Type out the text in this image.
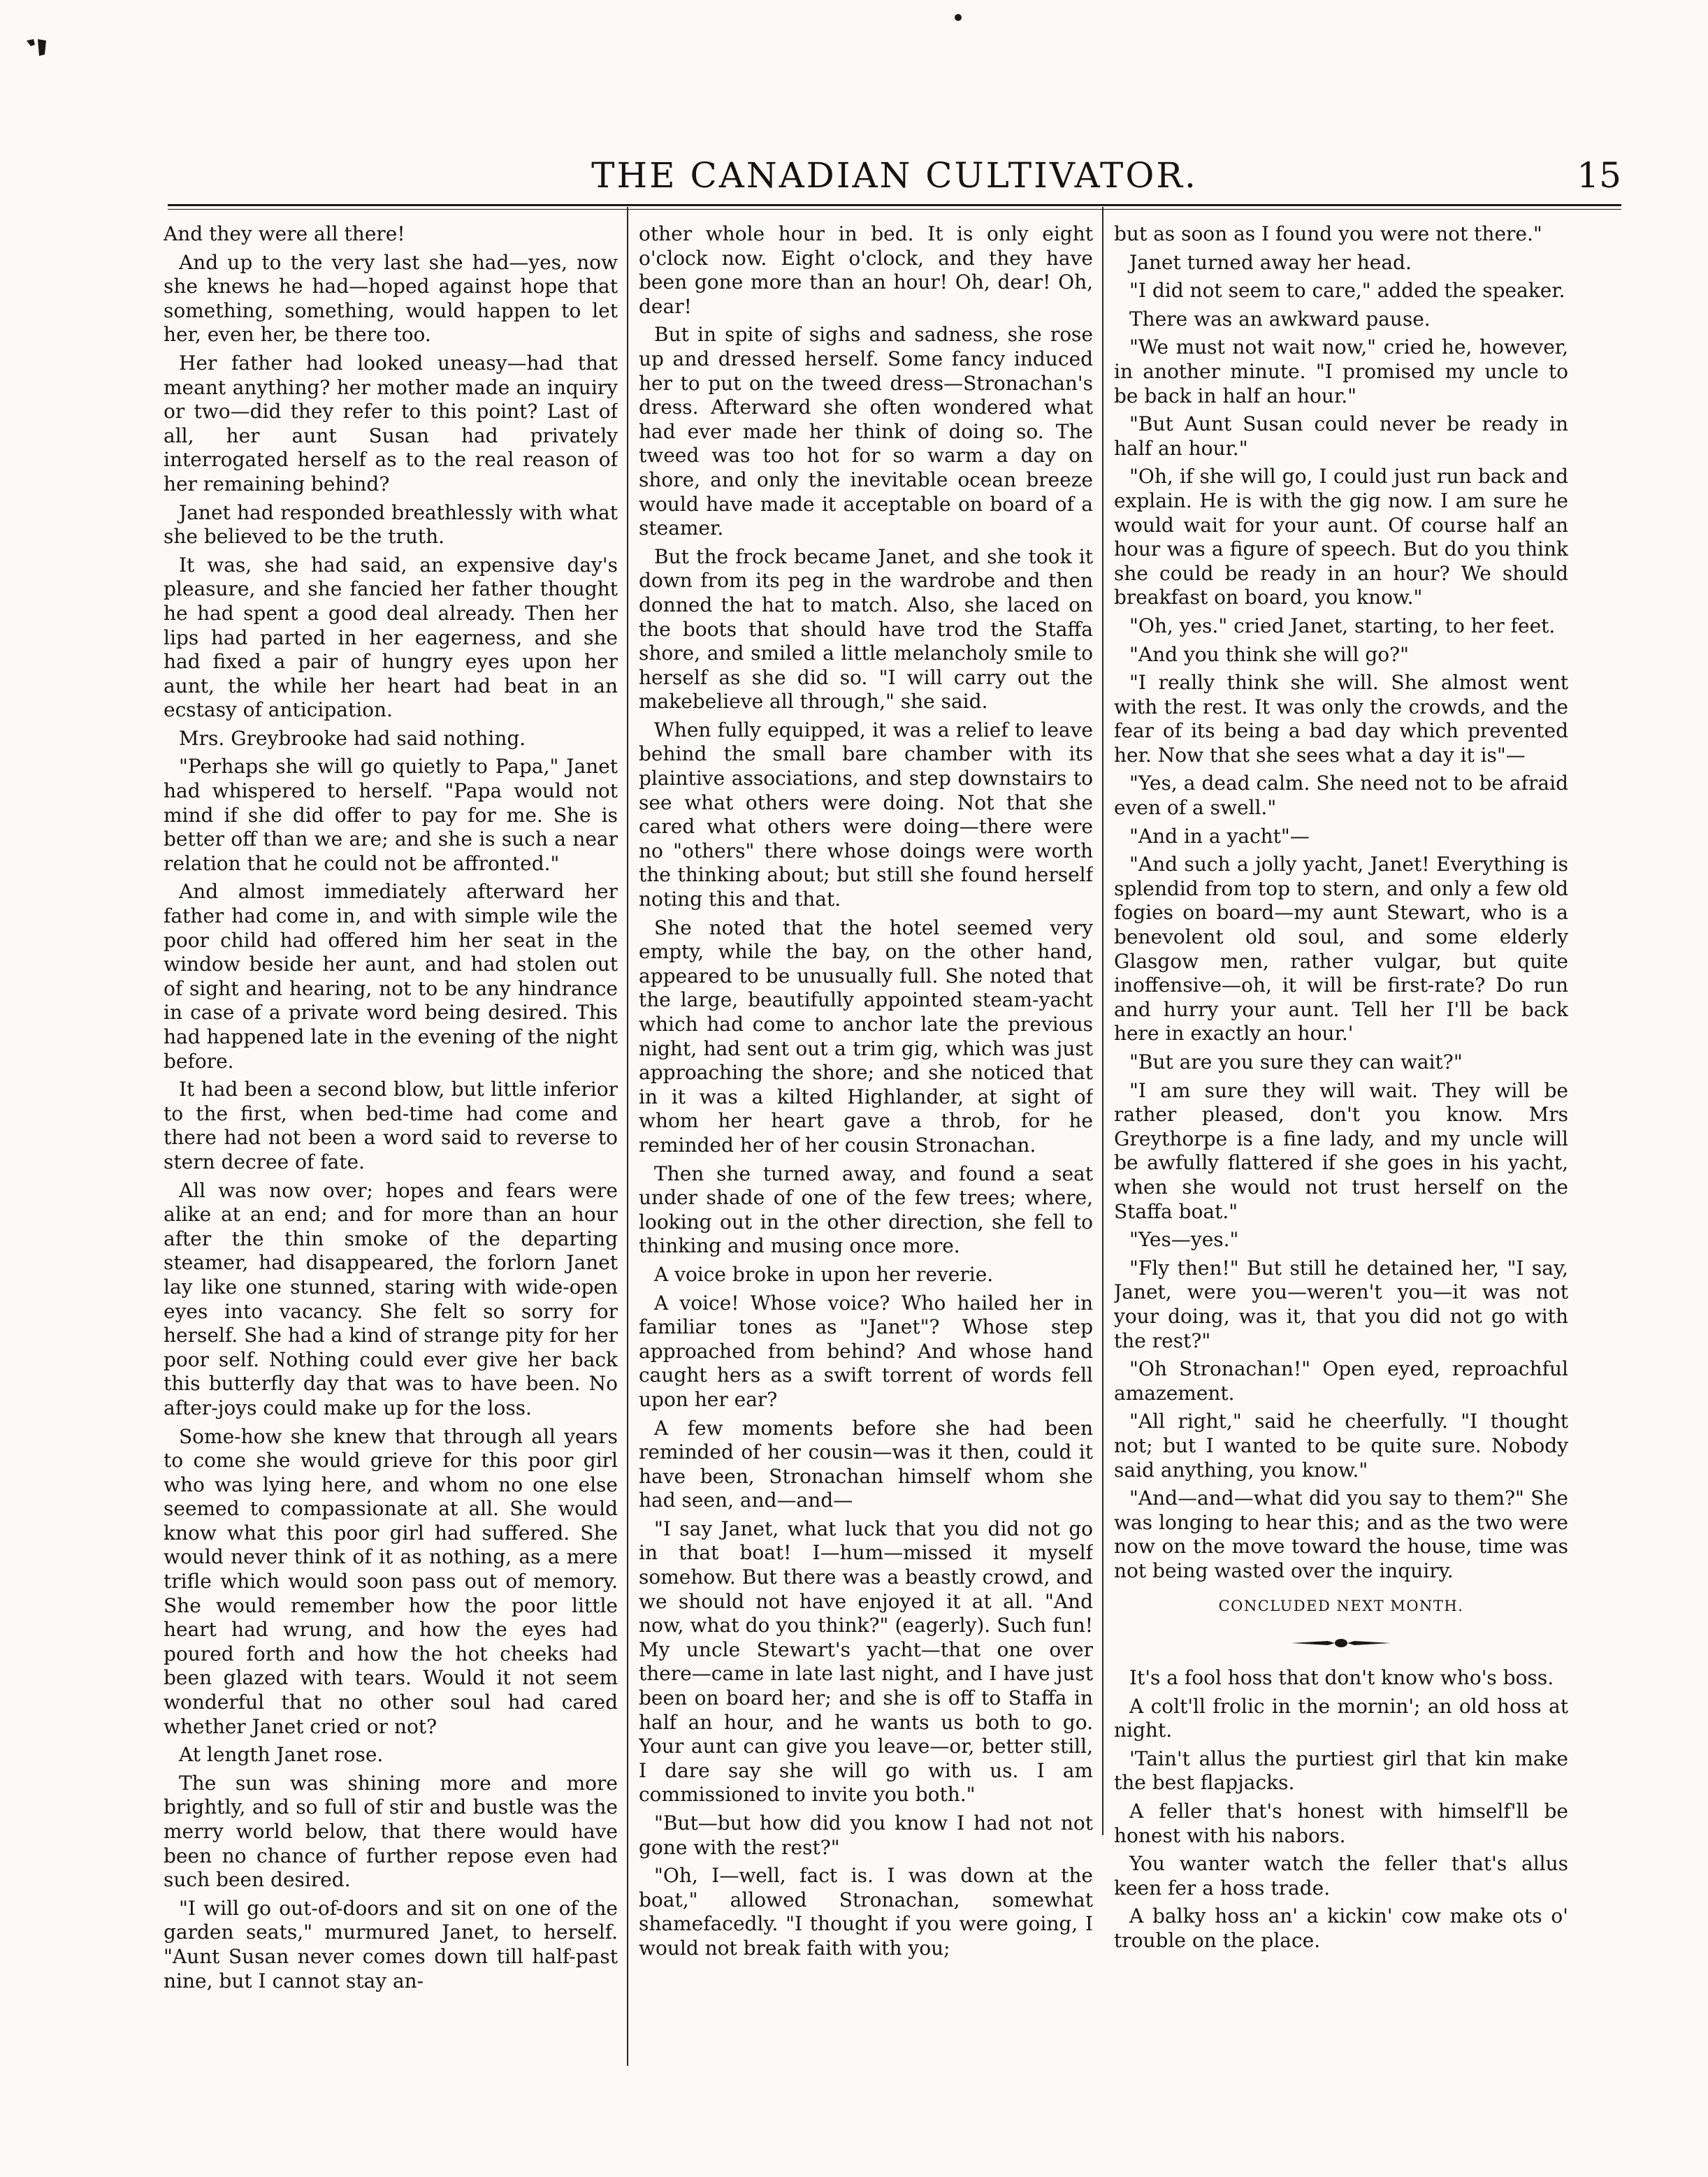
THE CANADIAN CULTIVATOR.	15

And they were all there!

And up to the very last she had—yes, now she knews he had—hoped against hope that something, something, would happen to let her, even her, be there too.

Her father had looked uneasy—had that meant anything? her mother made an inquiry or two—did they refer to this point? Last of all, her aunt Susan had privately interrogated herself as to the real reason of her remaining behind?

Janet had responded breathlessly with what she believed to be the truth.

It was, she had said, an expensive day's pleasure, and she fancied her father thought he had spent a good deal already. Then her lips had parted in her eagerness, and she had fixed a pair of hungry eyes upon her aunt, the while her heart had beat in an ecstasy of anticipation.

Mrs. Greybrooke had said nothing.

"Perhaps she will go quietly to Papa," Janet had whispered to herself. "Papa would not mind if she did offer to pay for me. She is better off than we are; and she is such a near relation that he could not be affronted."

And almost immediately afterward her father had come in, and with simple wile the poor child had offered him her seat in the window beside her aunt, and had stolen out of sight and hearing, not to be any hindrance in case of a private word being desired. This had happened late in the evening of the night before.

It had been a second blow, but little inferior to the first, when bed-time had come and there had not been a word said to reverse to stern decree of fate.

All was now over; hopes and fears were alike at an end; and for more than an hour after the thin smoke of the departing steamer, had disappeared, the forlorn Janet lay like one stunned, staring with wide-open eyes into vacancy. She felt so sorry for herself. She had a kind of strange pity for her poor self. Nothing could ever give her back this butterfly day that was to have been. No after-joys could make up for the loss.

Some-how she knew that through all years to come she would grieve for this poor girl who was lying here, and whom no one else seemed to compassionate at all. She would know what this poor girl had suffered. She would never think of it as nothing, as a mere trifle which would soon pass out of memory. She would remember how the poor little heart had wrung, and how the eyes had poured forth and how the hot cheeks had been glazed with tears. Would it not seem wonderful that no other soul had cared whether Janet cried or not?

At length Janet rose.

The sun was shining more and more brightly, and so full of stir and bustle was the merry world below, that there would have been no chance of further repose even had such been desired.

"I will go out-of-doors and sit on one of the garden seats," murmured Janet, to herself. "Aunt Susan never comes down till half-past nine, but I cannot stay an-

other whole hour in bed. It is only eight o'clock now. Eight o'clock, and they have been gone more than an hour! Oh, dear! Oh, dear!

But in spite of sighs and sadness, she rose up and dressed herself. Some fancy induced her to put on the tweed dress—Stronachan's dress. Afterward she often wondered what had ever made her think of doing so. The tweed was too hot for so warm a day on shore, and only the inevitable ocean breeze would have made it acceptable on board of a steamer.

But the frock became Janet, and she took it down from its peg in the wardrobe and then donned the hat to match. Also, she laced on the boots that should have trod the Staffa shore, and smiled a little melancholy smile to herself as she did so. "I will carry out the makebelieve all through," she said.

When fully equipped, it was a relief to leave behind the small bare chamber with its plaintive associations, and step downstairs to see what others were doing. Not that she cared what others were doing—there were no "others" there whose doings were worth the thinking about; but still she found herself noting this and that.

She noted that the hotel seemed very empty, while the bay, on the other hand, appeared to be unusually full. She noted that the large, beautifully appointed steam-yacht which had come to anchor late the previous night, had sent out a trim gig, which was just approaching the shore; and she noticed that in it was a kilted Highlander, at sight of whom her heart gave a throb, for he reminded her of her cousin Stronachan.

Then she turned away, and found a seat under shade of one of the few trees; where, looking out in the other direction, she fell to thinking and musing once more.

A voice broke in upon her reverie.

A voice! Whose voice? Who hailed her in familiar tones as "Janet"? Whose step approached from behind? And whose hand caught hers as a swift torrent of words fell upon her ear?

A few moments before she had been reminded of her cousin—was it then, could it have been, Stronachan himself whom she had seen, and—and—

"I say Janet, what luck that you did not go in that boat! I—hum—missed it myself somehow. But there was a beastly crowd, and we should not have enjoyed it at all. "And now, what do you think?" (eagerly). Such fun! My uncle Stewart's yacht—that one over there—came in late last night, and I have just been on board her; and she is off to Staffa in half an hour, and he wants us both to go. Your aunt can give you leave—or, better still, I dare say she will go with us. I am commissioned to invite you both."

"But—but how did you know I had not not gone with the rest?"

"Oh, I—well, fact is. I was down at the boat," allowed Stronachan, somewhat shamefacedly. "I thought if you were going, I would not break faith with you;

but as soon as I found you were not there."

Janet turned away her head.

"I did not seem to care," added the speaker.

There was an awkward pause.

"We must not wait now," cried he, however, in another minute. "I promised my uncle to be back in half an hour."

"But Aunt Susan could never be ready in half an hour."

"Oh, if she will go, I could just run back and explain. He is with the gig now. I am sure he would wait for your aunt. Of course half an hour was a figure of speech. But do you think she could be ready in an hour? We should breakfast on board, you know."

"Oh, yes." cried Janet, starting, to her feet.

"And you think she will go?"

"I really think she will. She almost went with the rest. It was only the crowds, and the fear of its being a bad day which prevented her. Now that she sees what a day it is"—

"Yes, a dead calm. She need not to be afraid even of a swell."

"And in a yacht"—

"And such a jolly yacht, Janet! Everything is splendid from top to stern, and only a few old fogies on board—my aunt Stewart, who is a benevolent old soul, and some elderly Glasgow men, rather vulgar, but quite inoffensive—oh, it will be first-rate? Do run and hurry your aunt. Tell her I'll be back here in exactly an hour.'

"But are you sure they can wait?"

"I am sure they will wait. They will be rather pleased, don't you know. Mrs Greythorpe is a fine lady, and my uncle will be awfully flattered if she goes in his yacht, when she would not trust herself on the Staffa boat."

"Yes—yes."

"Fly then!" But still he detained her, "I say, Janet, were you—weren't you—it was not your doing, was it, that you did not go with the rest?"

"Oh Stronachan!" Open eyed, reproachful amazement.

"All right," said he cheerfully. "I thought not; but I wanted to be quite sure. Nobody said anything, you know."

"And—and—what did you say to them?" She was longing to hear this; and as the two were now on the move toward the house, time was not being wasted over the inquiry.

CONCLUDED NEXT MONTH.

It's a fool hoss that don't know who's boss.

A colt'll frolic in the mornin'; an old hoss at night.

'Tain't allus the purtiest girl that kin make the best flapjacks.

A feller that's honest with himself'll be honest with his nabors.

You wanter watch the feller that's allus keen fer a hoss trade.

A balky hoss an' a kickin' cow make ots o' trouble on the place.
